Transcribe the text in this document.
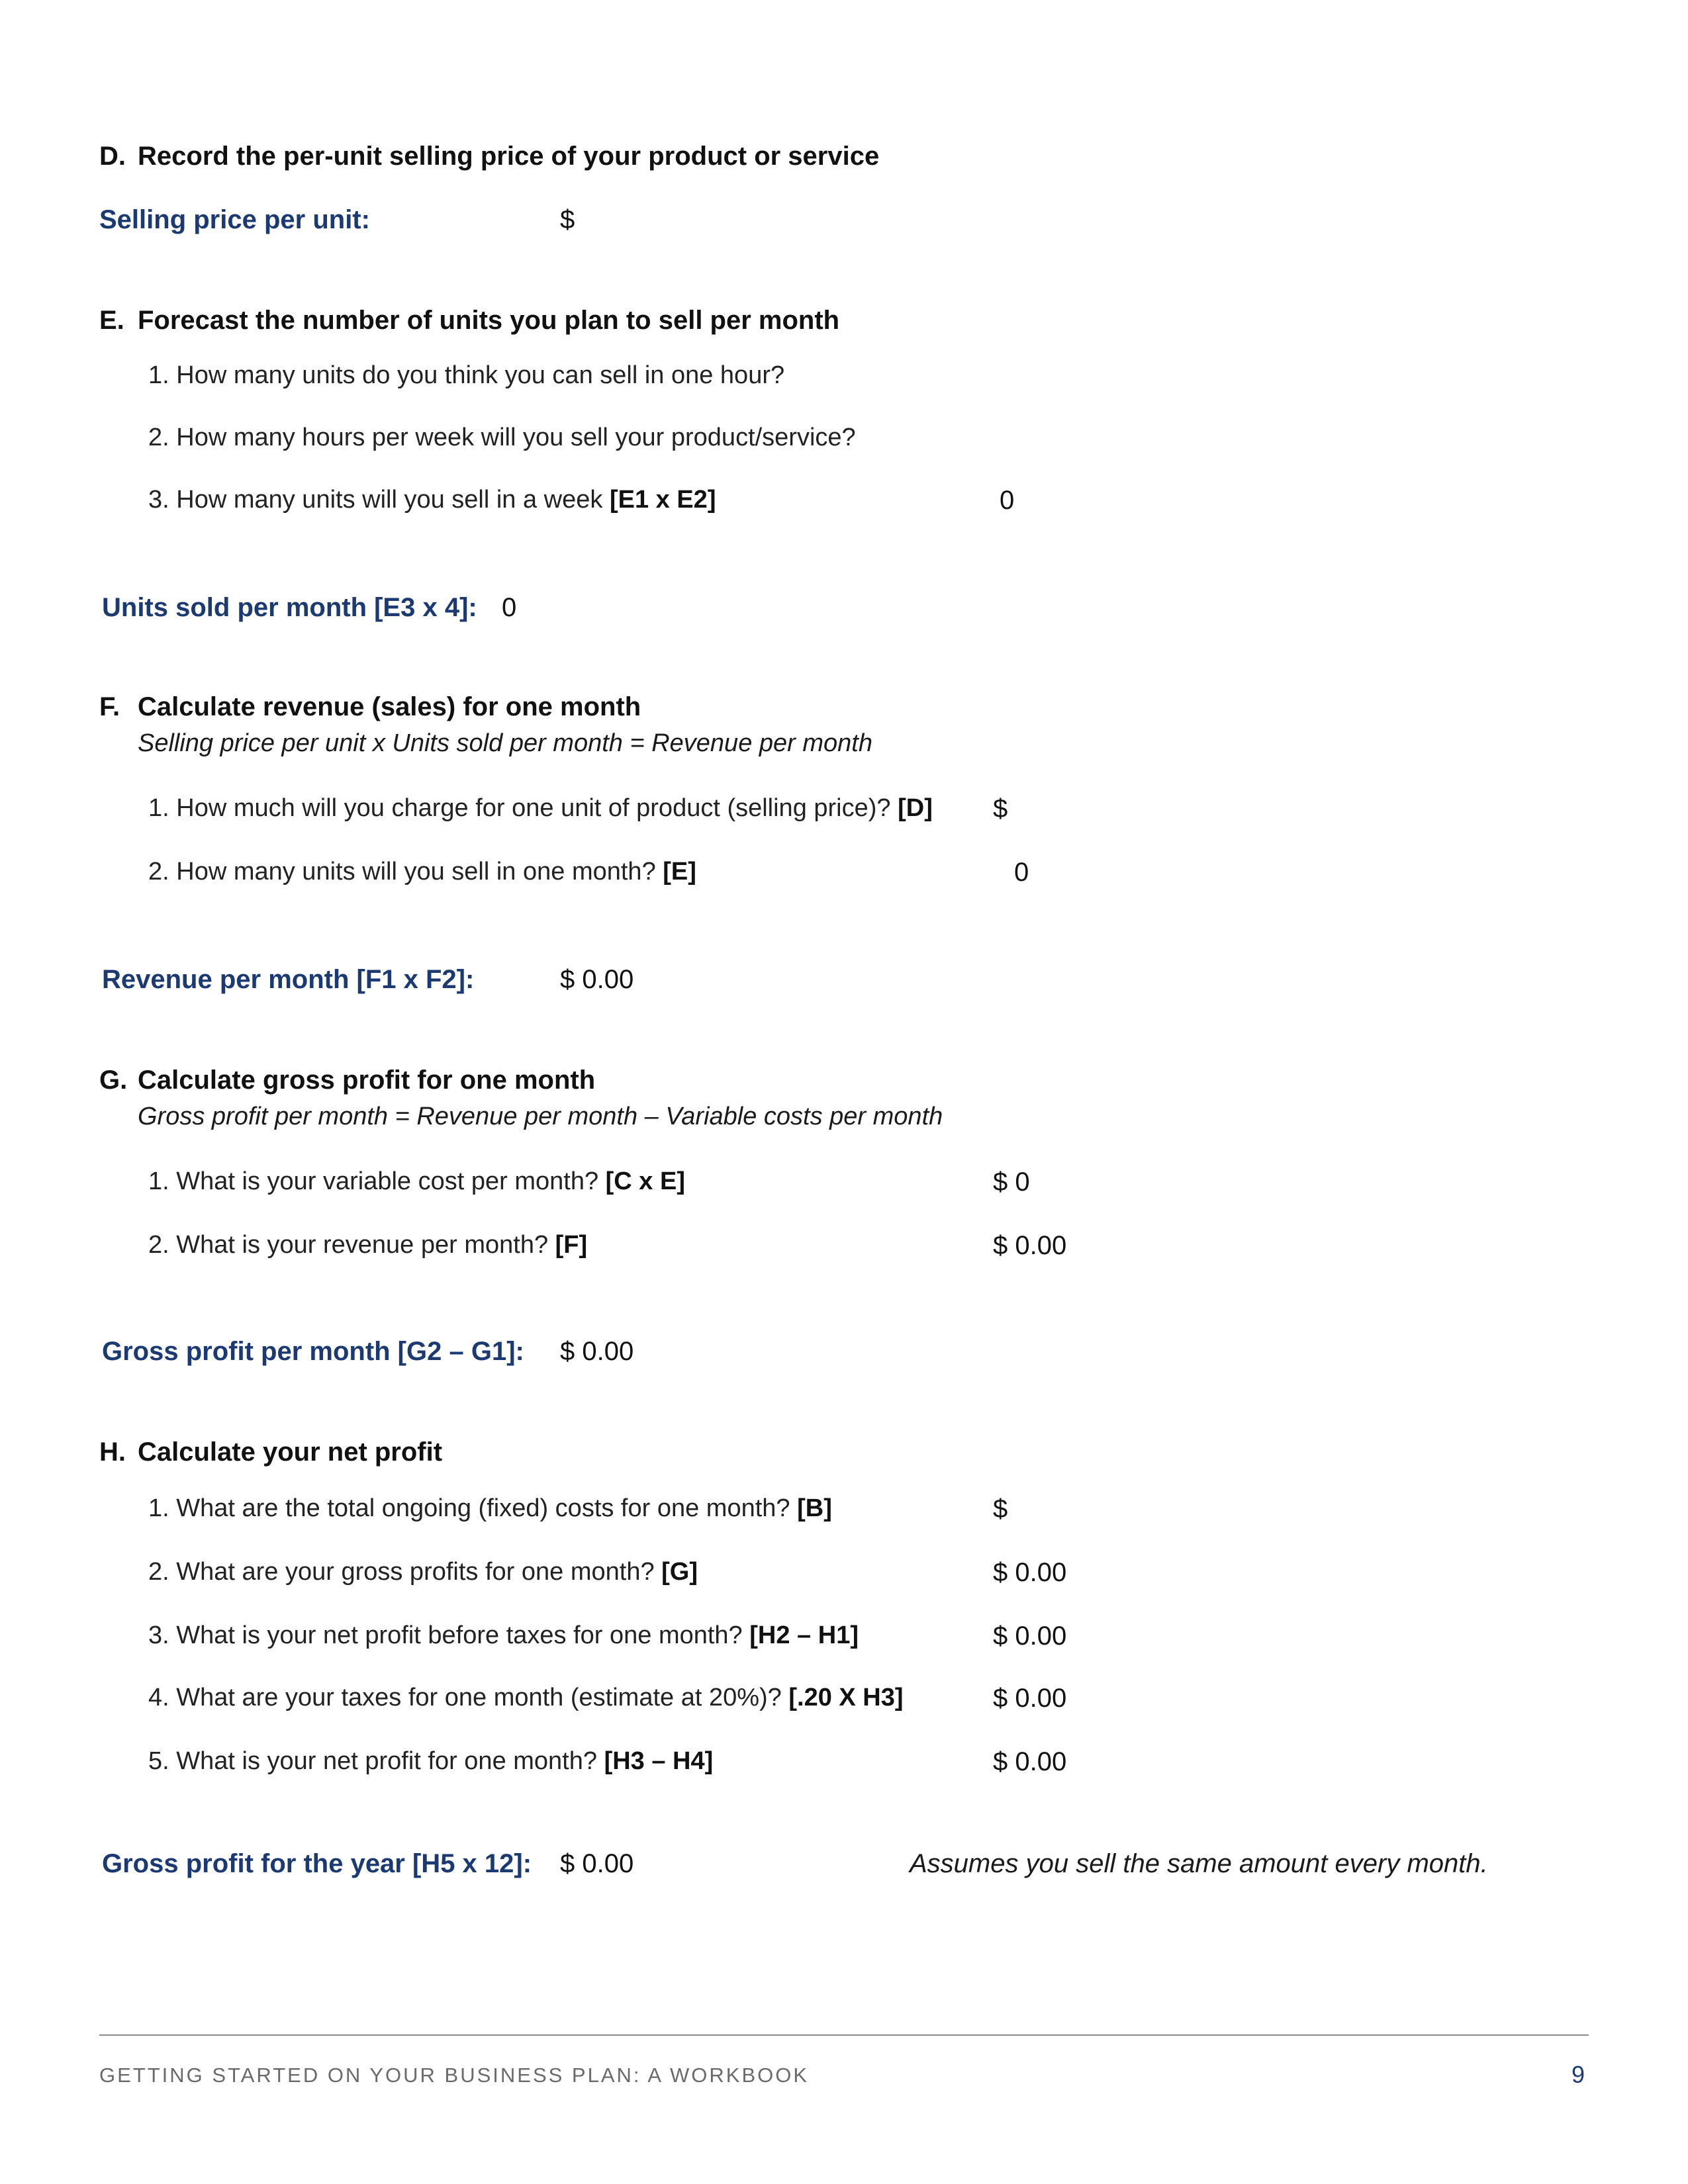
D. Record the per-unit selling price of your product or service
Selling price per unit:	$
E. Forecast the number of units you plan to sell per month
1. How many units do you think you can sell in one hour?
2. How many hours per week will you sell your product/service?
3. How many units will you sell in a week [E1 x E2]	0
Units sold per month [E3 x 4]: 0
F. Calculate revenue (sales) for one month
Selling price per unit x Units sold per month = Revenue per month
1. How much will you charge for one unit of product (selling price)? [D] $
2. How many units will you sell in one month? [E]	0
Revenue per month [F1 x F2]:	$ 0.00
G. Calculate gross profit for one month
Gross profit per month = Revenue per month – Variable costs per month
1. What is your variable cost per month? [C x E]	$ 0
2. What is your revenue per month? [F]	$ 0.00
Gross profit per month [G2 – G1]: $ 0.00
H. Calculate your net profit
1. What are the total ongoing (fixed) costs for one month? [B]	$
2. What are your gross profits for one month? [G]	$ 0.00
3. What is your net profit before taxes for one month? [H2 – H1]	$ 0.00
4. What are your taxes for one month (estimate at 20%)? [.20 X H3]	$ 0.00
5. What is your net profit for one month? [H3 – H4]	$ 0.00
Gross profit for the year [H5 x 12]: $ 0.00	Assumes you sell the same amount every month.
GETTING STARTED ON YOUR BUSINESS PLAN: A WORKBOOK	9
